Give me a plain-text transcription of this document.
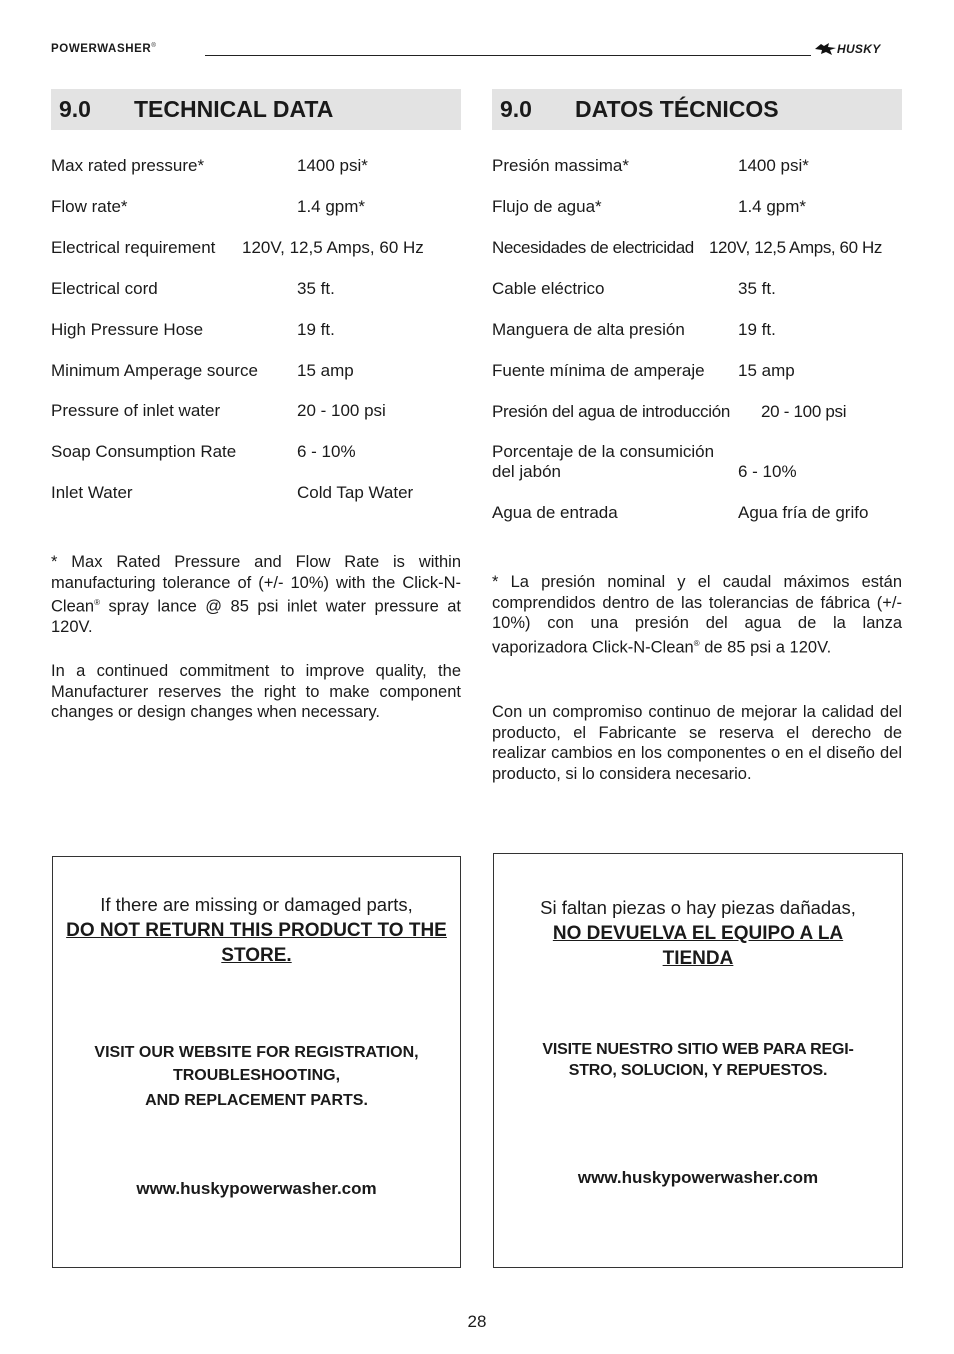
POWERWASHER®	HUSKY
9.0	TECHNICAL DATA
Max rated pressure*	1400 psi*
Flow rate*	1.4 gpm*
Electrical requirement 120V, 12,5 Amps, 60 Hz
Electrical cord	35 ft.
High Pressure Hose	19 ft.
Minimum Amperage source 15 amp
Pressure of inlet water	20 - 100 psi
Soap Consumption Rate	6 - 10%
Inlet Water	Cold Tap Water
* Max Rated Pressure and Flow Rate is within manufacturing tolerance of (+/- 10%) with the Click-N-Clean® spray lance @ 85 psi inlet water pressure at 120V.
In a continued commitment to improve quality, the Manufacturer reserves the right to make component changes or design changes when necessary.
If there are missing or damaged parts,
DO NOT RETURN THIS PRODUCT TO THE STORE.
VISIT OUR WEBSITE FOR REGISTRATION,
TROUBLESHOOTING,
AND REPLACEMENT PARTS.
www.huskypowerwasher.com
9.0	DATOS TÉCNICOS
Presión massima*	1400 psi*
Flujo de agua*	1.4 gpm*
Necesidades de electricidad 120V, 12,5 Amps, 60 Hz
Cable eléctrico	35 ft.
Manguera de alta presión	19 ft.
Fuente mínima de amperaje 15 amp
Presión del agua de introducción 20 - 100 psi
Porcentaje de la consumición
del jabón	6 - 10%
Agua de entrada	Agua fría de grifo
* La presión nominal y el caudal máximos están comprendidos dentro de las tolerancias de fábrica (+/- 10%) con una presión del agua de la lanza vaporizadora Click-N-Clean® de 85 psi a 120V.
Con un compromiso continuo de mejorar la calidad del producto, el Fabricante se reserva el derecho de realizar cambios en los componentes o en el diseño del producto, si lo considera necesario.
Si faltan piezas o hay piezas dañadas,
NO DEVUELVA EL EQUIPO A LA TIENDA
VISITE NUESTRO SITIO WEB PARA REGI-
STRO, SOLUCION, Y REPUESTOS.
www.huskypowerwasher.com
28
